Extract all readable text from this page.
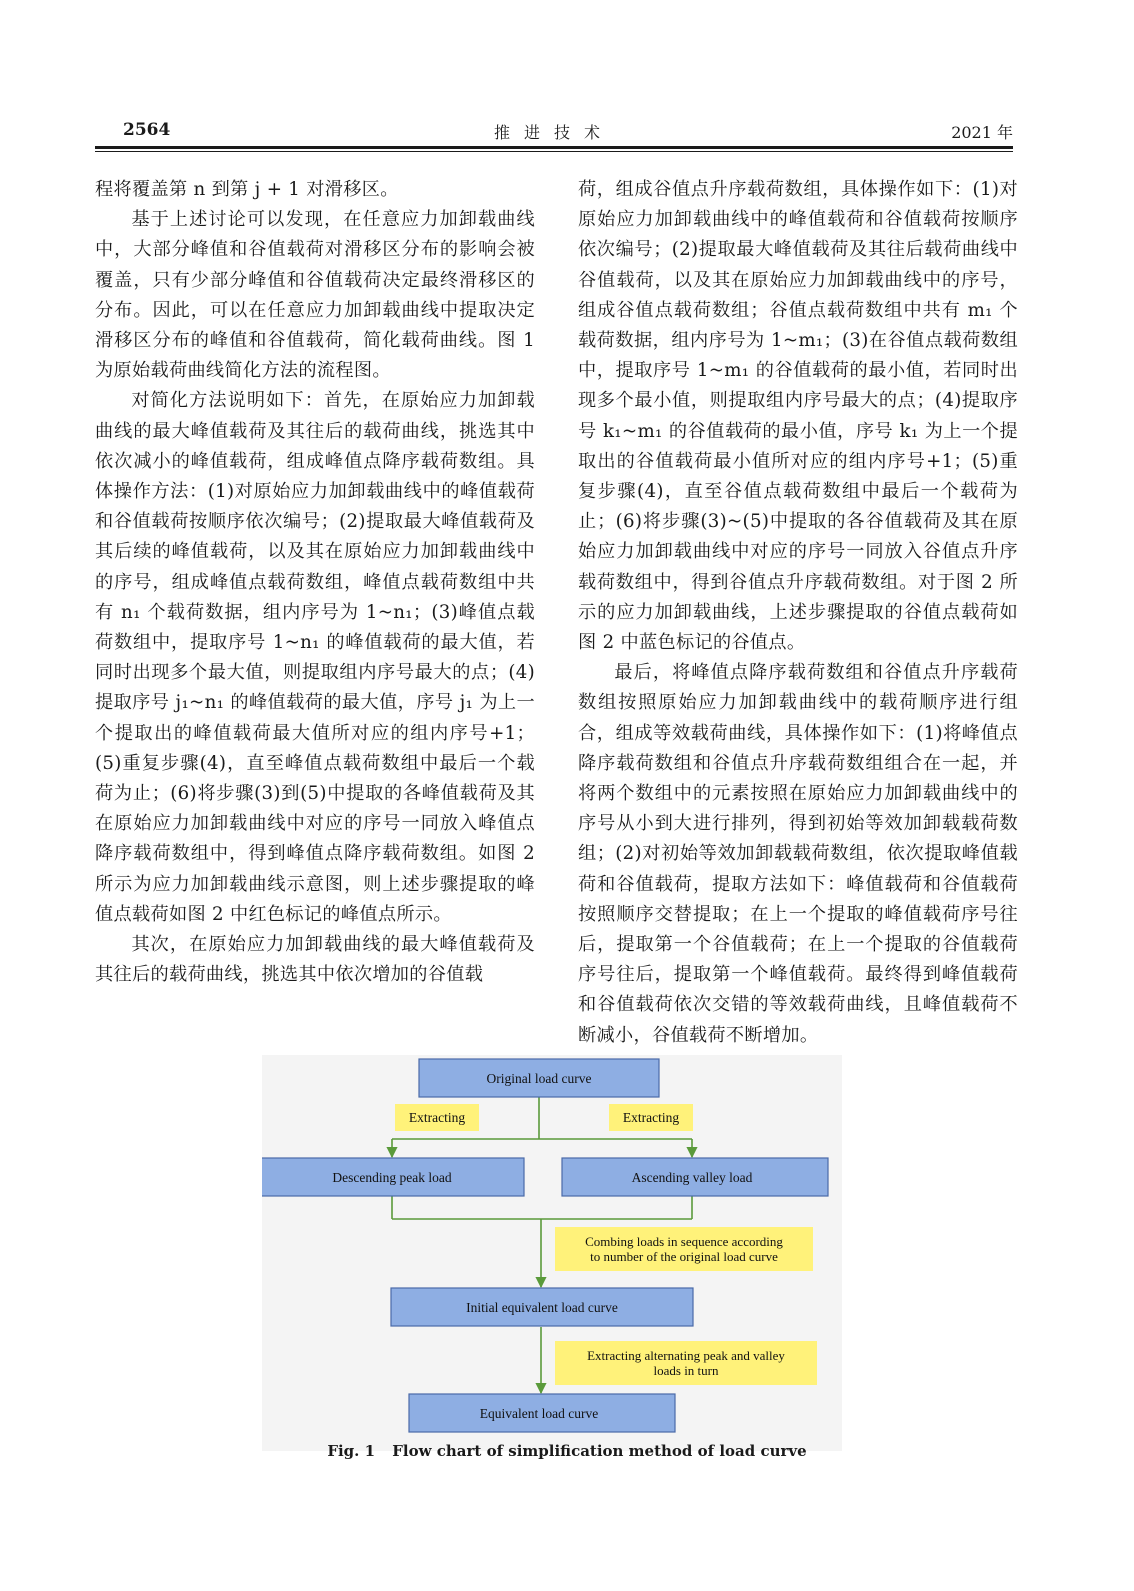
2564	推进技术	2021 年

程将覆盖第 n 到第 j + 1 对滑移区。

基于上述讨论可以发现，在任意应力加卸载曲线中，大部分峰值和谷值载荷对滑移区分布的影响会被覆盖，只有少部分峰值和谷值载荷决定最终滑移区的分布。因此，可以在任意应力加卸载曲线中提取决定滑移区分布的峰值和谷值载荷，简化载荷曲线。图 1 为原始载荷曲线简化方法的流程图。

对简化方法说明如下：首先，在原始应力加卸载曲线的最大峰值载荷及其往后的载荷曲线，挑选其中依次减小的峰值载荷，组成峰值点降序载荷数组。具体操作方法：(1)对原始应力加卸载曲线中的峰值载荷和谷值载荷按顺序依次编号；(2)提取最大峰值载荷及其后续的峰值载荷，以及其在原始应力加卸载曲线中的序号，组成峰值点载荷数组，峰值点载荷数组中共有 n₁ 个载荷数据，组内序号为 1~n₁；(3)峰值点载荷数组中，提取序号 1~n₁ 的峰值载荷的最大值，若同时出现多个最大值，则提取组内序号最大的点；(4)提取序号 j₁~n₁ 的峰值载荷的最大值，序号 j₁ 为上一个提取出的峰值载荷最大值所对应的组内序号+1；(5)重复步骤(4)，直至峰值点载荷数组中最后一个载荷为止；(6)将步骤(3)到(5)中提取的各峰值载荷及其在原始应力加卸载曲线中对应的序号一同放入峰值点降序载荷数组中，得到峰值点降序载荷数组。如图 2 所示为应力加卸载曲线示意图，则上述步骤提取的峰值点载荷如图 2 中红色标记的峰值点所示。

其次，在原始应力加卸载曲线的最大峰值载荷及其往后的载荷曲线，挑选其中依次增加的谷值载

荷，组成谷值点升序载荷数组，具体操作如下：(1)对原始应力加卸载曲线中的峰值载荷和谷值载荷按顺序依次编号；(2)提取最大峰值载荷及其往后载荷曲线中谷值载荷，以及其在原始应力加卸载曲线中的序号，组成谷值点载荷数组；谷值点载荷数组中共有 m₁ 个载荷数据，组内序号为 1~m₁；(3)在谷值点载荷数组中，提取序号 1~m₁ 的谷值载荷的最小值，若同时出现多个最小值，则提取组内序号最大的点；(4)提取序号 k₁~m₁ 的谷值载荷的最小值，序号 k₁ 为上一个提取出的谷值载荷最小值所对应的组内序号+1；(5)重复步骤(4)，直至谷值点载荷数组中最后一个载荷为止；(6)将步骤(3)~(5)中提取的各谷值载荷及其在原始应力加卸载曲线中对应的序号一同放入谷值点升序载荷数组中，得到谷值点升序载荷数组。对于图 2 所示的应力加卸载曲线，上述步骤提取的谷值点载荷如图 2 中蓝色标记的谷值点。

最后，将峰值点降序载荷数组和谷值点升序载荷数组按照原始应力加卸载曲线中的载荷顺序进行组合，组成等效载荷曲线，具体操作如下：(1)将峰值点降序载荷数组和谷值点升序载荷数组组合在一起，并将两个数组中的元素按照在原始应力加卸载曲线中的序号从小到大进行排列，得到初始等效加卸载载荷数组；(2)对初始等效加卸载载荷数组，依次提取峰值载荷和谷值载荷，提取方法如下：峰值载荷和谷值载荷按照顺序交替提取；在上一个提取的峰值载荷序号往后，提取第一个谷值载荷；在上一个提取的谷值载荷序号往后，提取第一个峰值载荷。最终得到峰值载荷和谷值载荷依次交错的等效载荷曲线，且峰值载荷不断减小，谷值载荷不断增加。

Original load curve
Descending peak load	Ascending valley load
Initial equivalent load curve
Equivalent load curve
Extracting	Extracting
Combing loads in sequence according
to number of the original load curve
Extracting alternating peak and valley
loads in turn
Fig. 1 Flow chart of simplification method of load curve
